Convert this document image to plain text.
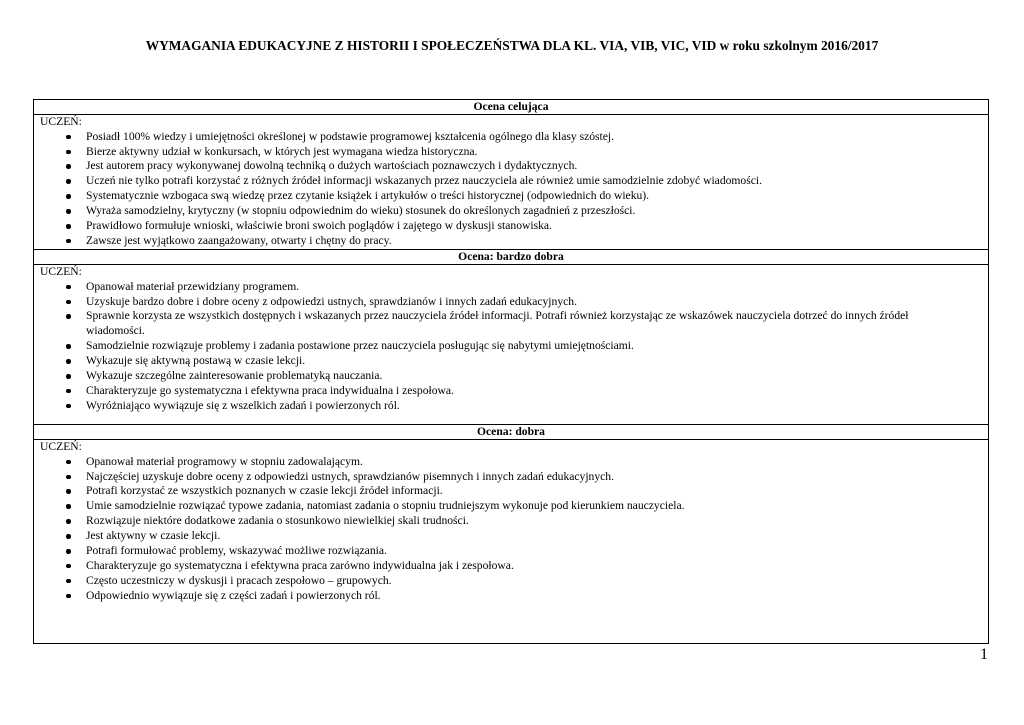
WYMAGANIA EDUKACYJNE Z HISTORII I SPOŁECZEŃSTWA DLA KL. VIA, VIB, VIC, VID w roku szkolnym 2016/2017
Ocena celująca
UCZEŃ:
Posiadł 100% wiedzy i umiejętności określonej w podstawie programowej kształcenia ogólnego dla klasy szóstej.
Bierze aktywny udział w konkursach, w których jest wymagana wiedza historyczna.
Jest autorem pracy wykonywanej dowolną techniką o dużych wartościach poznawczych i dydaktycznych.
Uczeń nie tylko potrafi korzystać z różnych źródeł informacji wskazanych przez nauczyciela ale również umie samodzielnie zdobyć wiadomości.
Systematycznie wzbogaca swą wiedzę przez czytanie książek i artykułów o treści historycznej (odpowiednich do wieku).
Wyraża samodzielny, krytyczny (w stopniu odpowiednim do wieku) stosunek do określonych zagadnień z przeszłości.
Prawidłowo formułuje wnioski, właściwie broni swoich poglądów i zajętego w dyskusji stanowiska.
Zawsze jest wyjątkowo zaangażowany, otwarty i chętny do pracy.
Ocena: bardzo dobra
UCZEŃ:
Opanował materiał przewidziany programem.
Uzyskuje bardzo dobre i dobre oceny z odpowiedzi ustnych, sprawdzianów i innych zadań edukacyjnych.
Sprawnie korzysta ze wszystkich dostępnych i wskazanych przez nauczyciela źródeł informacji. Potrafi również korzystając ze wskazówek nauczyciela dotrzeć do innych źródeł wiadomości.
Samodzielnie rozwiązuje problemy i zadania postawione przez nauczyciela posługując się nabytymi umiejętnościami.
Wykazuje się aktywną postawą w czasie lekcji.
Wykazuje szczególne zainteresowanie problematyką nauczania.
Charakteryzuje go systematyczna i efektywna praca indywidualna i zespołowa.
Wyróżniająco wywiązuje się z wszelkich zadań i powierzonych ról.
Ocena: dobra
UCZEŃ:
Opanował materiał programowy w stopniu zadowalającym.
Najczęściej uzyskuje dobre oceny z odpowiedzi ustnych, sprawdzianów pisemnych i innych zadań edukacyjnych.
Potrafi korzystać ze wszystkich poznanych w czasie lekcji źródeł informacji.
Umie samodzielnie rozwiązać typowe zadania, natomiast zadania o stopniu trudniejszym wykonuje pod kierunkiem nauczyciela.
Rozwiązuje niektóre dodatkowe zadania o stosunkowo niewielkiej skali trudności.
Jest aktywny w czasie lekcji.
Potrafi formułować problemy, wskazywać możliwe rozwiązania.
Charakteryzuje go systematyczna i efektywna praca zarówno indywidualna jak i zespołowa.
Często uczestniczy w dyskusji i pracach zespołowo – grupowych.
Odpowiednio wywiązuje się z części zadań i powierzonych ról.
1
